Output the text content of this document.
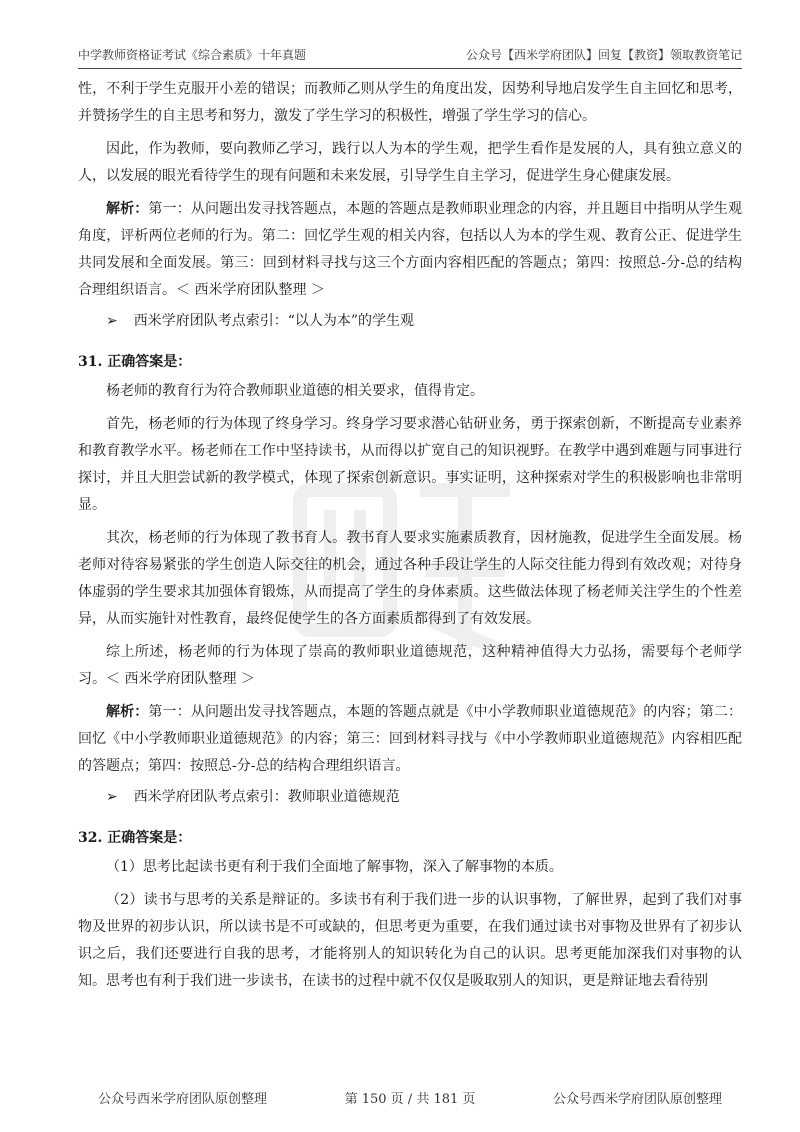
中学教师资格证考试《综合素质》十年真题	公众号【西米学府团队】回复【教资】领取教资笔记

性，不利于学生克服开小差的错误；而教师乙则从学生的角度出发，因势利导地启发学生自主回忆和思考，并赞扬学生的自主思考和努力，激发了学生学习的积极性，增强了学生学习的信心。

因此，作为教师，要向教师乙学习，践行以人为本的学生观，把学生看作是发展的人，具有独立意义的人，以发展的眼光看待学生的现有问题和未来发展，引导学生自主学习，促进学生身心健康发展。

解析：第一：从问题出发寻找答题点，本题的答题点是教师职业理念的内容，并且题目中指明从学生观角度，评析两位老师的行为。第二：回忆学生观的相关内容，包括以人为本的学生观、教育公正、促进学生共同发展和全面发展。第三：回到材料寻找与这三个方面内容相匹配的答题点；第四：按照总-分-总的结构合理组织语言。＜ 西米学府团队整理 ＞

➢ 西米学府团队考点索引：“以人为本”的学生观
31. 正确答案是：

杨老师的教育行为符合教师职业道德的相关要求，值得肯定。

首先，杨老师的行为体现了终身学习。终身学习要求潜心钻研业务，勇于探索创新，不断提高专业素养和教育教学水平。杨老师在工作中坚持读书，从而得以扩宽自己的知识视野。在教学中遇到难题与同事进行探讨，并且大胆尝试新的教学模式，体现了探索创新意识。事实证明，这种探索对学生的积极影响也非常明显。

其次，杨老师的行为体现了教书育人。教书育人要求实施素质教育，因材施教，促进学生全面发展。杨老师对待容易紧张的学生创造人际交往的机会，通过各种手段让学生的人际交往能力得到有效改观；对待身体虚弱的学生要求其加强体育锻炼，从而提高了学生的身体素质。这些做法体现了杨老师关注学生的个性差异，从而实施针对性教育，最终促使学生的各方面素质都得到了有效发展。

综上所述，杨老师的行为体现了崇高的教师职业道德规范，这种精神值得大力弘扬，需要每个老师学习。＜ 西米学府团队整理 ＞

解析：第一：从问题出发寻找答题点，本题的答题点就是《中小学教师职业道德规范》的内容；第二：回忆《中小学教师职业道德规范》的内容；第三：回到材料寻找与《中小学教师职业道德规范》内容相匹配的答题点；第四：按照总-分-总的结构合理组织语言。

➢ 西米学府团队考点索引：教师职业道德规范
32. 正确答案是：

（1）思考比起读书更有利于我们全面地了解事物，深入了解事物的本质。

（2）读书与思考的关系是辩证的。多读书有利于我们进一步的认识事物，了解世界，起到了我们对事物及世界的初步认识，所以读书是不可或缺的，但思考更为重要，在我们通过读书对事物及世界有了初步认识之后，我们还要进行自我的思考，才能将别人的知识转化为自己的认识。思考更能加深我们对事物的认知。思考也有利于我们进一步读书，在读书的过程中就不仅仅是吸取别人的知识，更是辩证地去看待别

公众号西米学府团队原创整理	第 150 页 / 共 181 页	公众号西米学府团队原创整理
